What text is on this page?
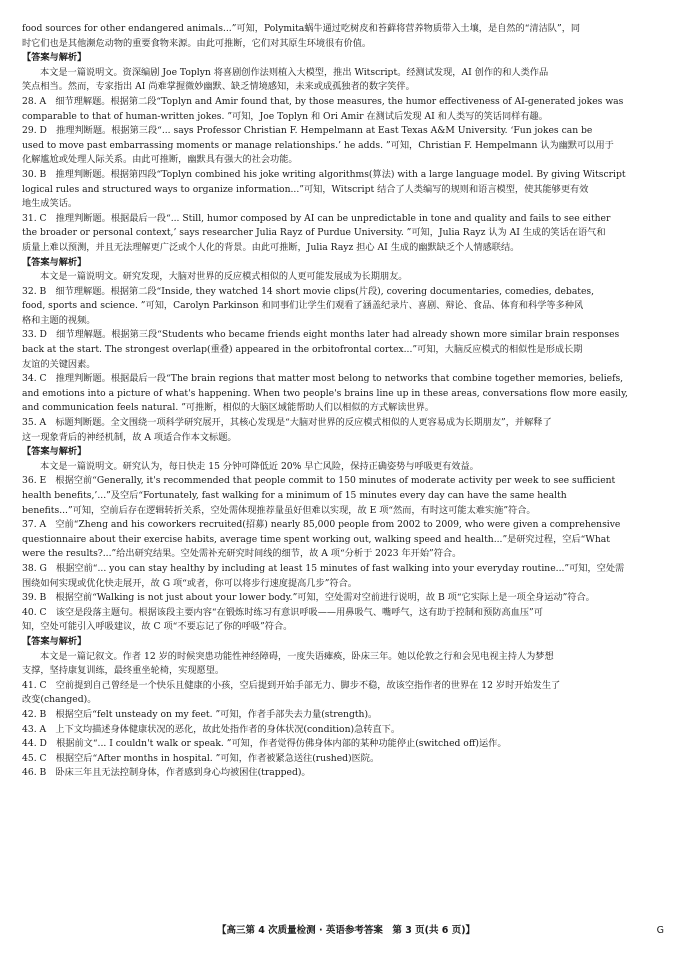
food sources for other endangered animals...”可知，Polymita蜗牛通过吃树皮和苔藓将营养物质带入土壤，是自然的“清洁队”，同
时它们也是其他濒危动物的重要食物来源。由此可推断，它们对其原生环境很有价值。
【答案与解析】
本文是一篇说明文。资深编剧 Joe Toplyn 将喜剧创作法则植入大模型，推出 Witscript。经测试发现，AI 创作的和人类作品
笑点相当。然而，专家指出 AI 尚难掌握微妙幽默、缺乏情境感知，未来或成孤独者的数字笑伴。
28. A　细节理解题。根据第二段“Toplyn and Amir found that, by those measures, the humor effectiveness of AI-generated jokes was
comparable to that of human-written jokes. ”可知，Joe Toplyn 和 Ori Amir 在测试后发现 AI 和人类写的笑话同样有趣。
29. D　推理判断题。根据第三段“... says Professor Christian F. Hempelmann at East Texas A&M University. ‘Fun jokes can be
used to move past embarrassing moments or manage relationships.’ he adds. ”可知，Christian F. Hempelmann 认为幽默可以用于
化解尴尬或处理人际关系。由此可推断，幽默具有强大的社会功能。
30. B　推理判断题。根据第四段“Toplyn combined his joke writing algorithms(算法) with a large language model. By giving Witscript
logical rules and structured ways to organize information...”可知，Witscript 结合了人类编写的规则和语言模型，使其能够更有效
地生成笑话。
31. C　推理判断题。根据最后一段“... Still, humor composed by AI can be unpredictable in tone and quality and fails to see either
the broader or personal context,’ says researcher Julia Rayz of Purdue University. ”可知，Julia Rayz 认为 AI 生成的笑话在语气和
质量上难以预测，并且无法理解更广泛或个人化的背景。由此可推断，Julia Rayz 担心 AI 生成的幽默缺乏个人情感联结。
【答案与解析】
本文是一篇说明文。研究发现，大脑对世界的反应模式相似的人更可能发展成为长期朋友。
32. B　细节理解题。根据第二段“Inside, they watched 14 short movie clips(片段), covering documentaries, comedies, debates,
food, sports and science. ”可知，Carolyn Parkinson 和同事们让学生们观看了涵盖纪录片、喜剧、辩论、食品、体育和科学等多种风
格和主题的视频。
33. D　细节理解题。根据第三段“Students who became friends eight months later had already shown more similar brain responses
back at the start. The strongest overlap(重叠) appeared in the orbitofrontal cortex...”可知，大脑反应模式的相似性是形成长期
友谊的关键因素。
34. C　推理判断题。根据最后一段“The brain regions that matter most belong to networks that combine together memories, beliefs,
and emotions into a picture of what's happening. When two people's brains line up in these areas, conversations flow more easily,
and communication feels natural. ”可推断，相似的大脑区域能帮助人们以相似的方式解读世界。
35. A　标题判断题。全文围绕一项科学研究展开，其核心发现是“大脑对世界的反应模式相似的人更容易成为长期朋友”，并解释了
这一现象背后的神经机制，故 A 项适合作本文标题。
【答案与解析】
本文是一篇说明文。研究认为，每日快走 15 分钟可降低近 20% 早亡风险，保持正确姿势与呼吸更有效益。
36. E　根据空前“Generally, it's recommended that people commit to 150 minutes of moderate activity per week to see sufficient
health benefits,’...”及空后“Fortunately, fast walking for a minimum of 15 minutes every day can have the same health
benefits...”可知，空前后存在逻辑转折关系，空处需体现推荐量虽好但难以实现，故 E 项“然而，有时这可能太难实施”符合。
37. A　空前“Zheng and his coworkers recruited(招募) nearly 85,000 people from 2002 to 2009, who were given a comprehensive
questionnaire about their exercise habits, average time spent working out, walking speed and health...”是研究过程，空后“What
were the results?...”给出研究结果。空处需补充研究时间线的细节，故 A 项“分析于 2023 年开始”符合。
38. G　根据空前“... you can stay healthy by including at least 15 minutes of fast walking into your everyday routine...”可知，空处需
围绕如何实现或优化快走展开，故 G 项“或者，你可以将步行速度提高几步”符合。
39. B　根据空前“Walking is not just about your lower body.”可知，空处需对空前进行说明，故 B 项“它实际上是一项全身运动”符合。
40. C　该空是段落主题句。根据该段主要内容“在锻炼时练习有意识呼吸——用鼻吸气、嘴呼气，这有助于控制和预防高血压”可
知，空处可能引入呼吸建议，故 C 项“不要忘记了你的呼吸”符合。
【答案与解析】
本文是一篇记叙文。作者 12 岁的时候突患功能性神经障碍，一度失语瘫痪，卧床三年。她以伦敦之行和会见电视主持人为梦想
支撑，坚持康复训练，最终重坐轮椅，实现愿望。
41. C　空前提到自己曾经是一个快乐且健康的小孩，空后提到开始手部无力、脚步不稳，故该空指作者的世界在 12 岁时开始发生了
改变(changed)。
42. B　根据空后“felt unsteady on my feet. ”可知，作者手部失去力量(strength)。
43. A　上下文均描述身体健康状况的恶化，故此处指作者的身体状况(condition)急转直下。
44. D　根据前文“... I couldn't walk or speak. ”可知，作者觉得仿佛身体内部的某种功能停止(switched off)运作。
45. C　根据空后“After months in hospital. ”可知，作者被紧急送往(rushed)医院。
46. B　卧床三年且无法控制身体，作者感到身心均被困住(trapped)。
【高三第 4 次质量检测 · 英语参考答案　第 3 页(共 6 页)】	G
